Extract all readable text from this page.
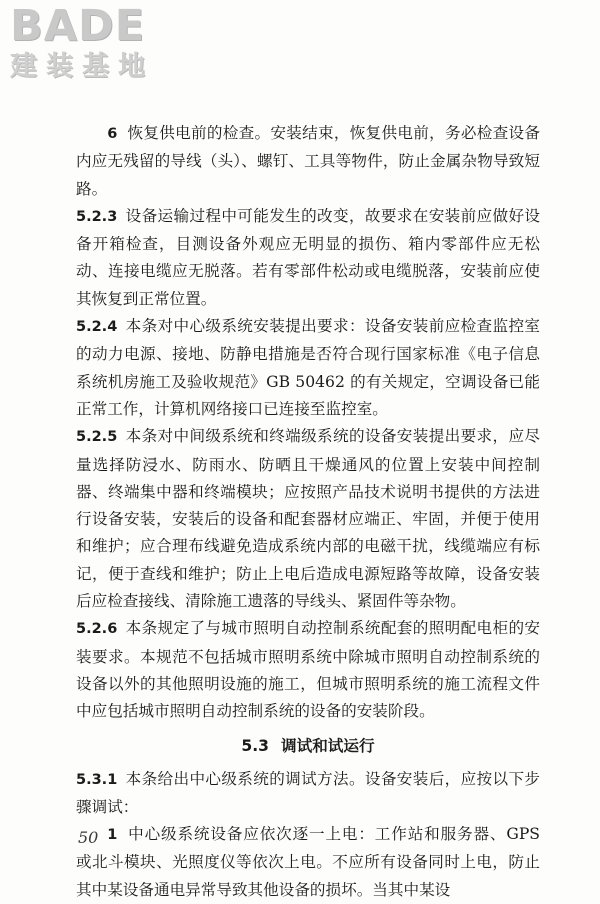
BADE
建装基地

6 恢复供电前的检查。安装结束，恢复供电前，务必检查设备内应无残留的导线（头）、螺钉、工具等物件，防止金属杂物导致短路。

5.2.3 设备运输过程中可能发生的改变，故要求在安装前应做好设备开箱检查，目测设备外观应无明显的损伤、箱内零部件应无松动、连接电缆应无脱落。若有零部件松动或电缆脱落，安装前应使其恢复到正常位置。

5.2.4 本条对中心级系统安装提出要求：设备安装前应检查监控室的动力电源、接地、防静电措施是否符合现行国家标准《电子信息系统机房施工及验收规范》GB 50462 的有关规定，空调设备已能正常工作，计算机网络接口已连接至监控室。

5.2.5 本条对中间级系统和终端级系统的设备安装提出要求，应尽量选择防浸水、防雨水、防晒且干燥通风的位置上安装中间控制器、终端集中器和终端模块；应按照产品技术说明书提供的方法进行设备安装，安装后的设备和配套器材应端正、牢固，并便于使用和维护；应合理布线避免造成系统内部的电磁干扰，线缆端应有标记，便于查线和维护；防止上电后造成电源短路等故障，设备安装后应检查接线、清除施工遗落的导线头、紧固件等杂物。

5.2.6 本条规定了与城市照明自动控制系统配套的照明配电柜的安装要求。本规范不包括城市照明系统中除城市照明自动控制系统的设备以外的其他照明设施的施工，但城市照明系统的施工流程文件中应包括城市照明自动控制系统的设备的安装阶段。

5.3 调试和试运行

5.3.1 本条给出中心级系统的调试方法。设备安装后，应按以下步骤调试：

1 中心级系统设备应依次逐一上电：工作站和服务器、GPS 或北斗模块、光照度仪等依次上电。不应所有设备同时上电，防止其中某设备通电异常导致其他设备的损坏。当其中某设

50
